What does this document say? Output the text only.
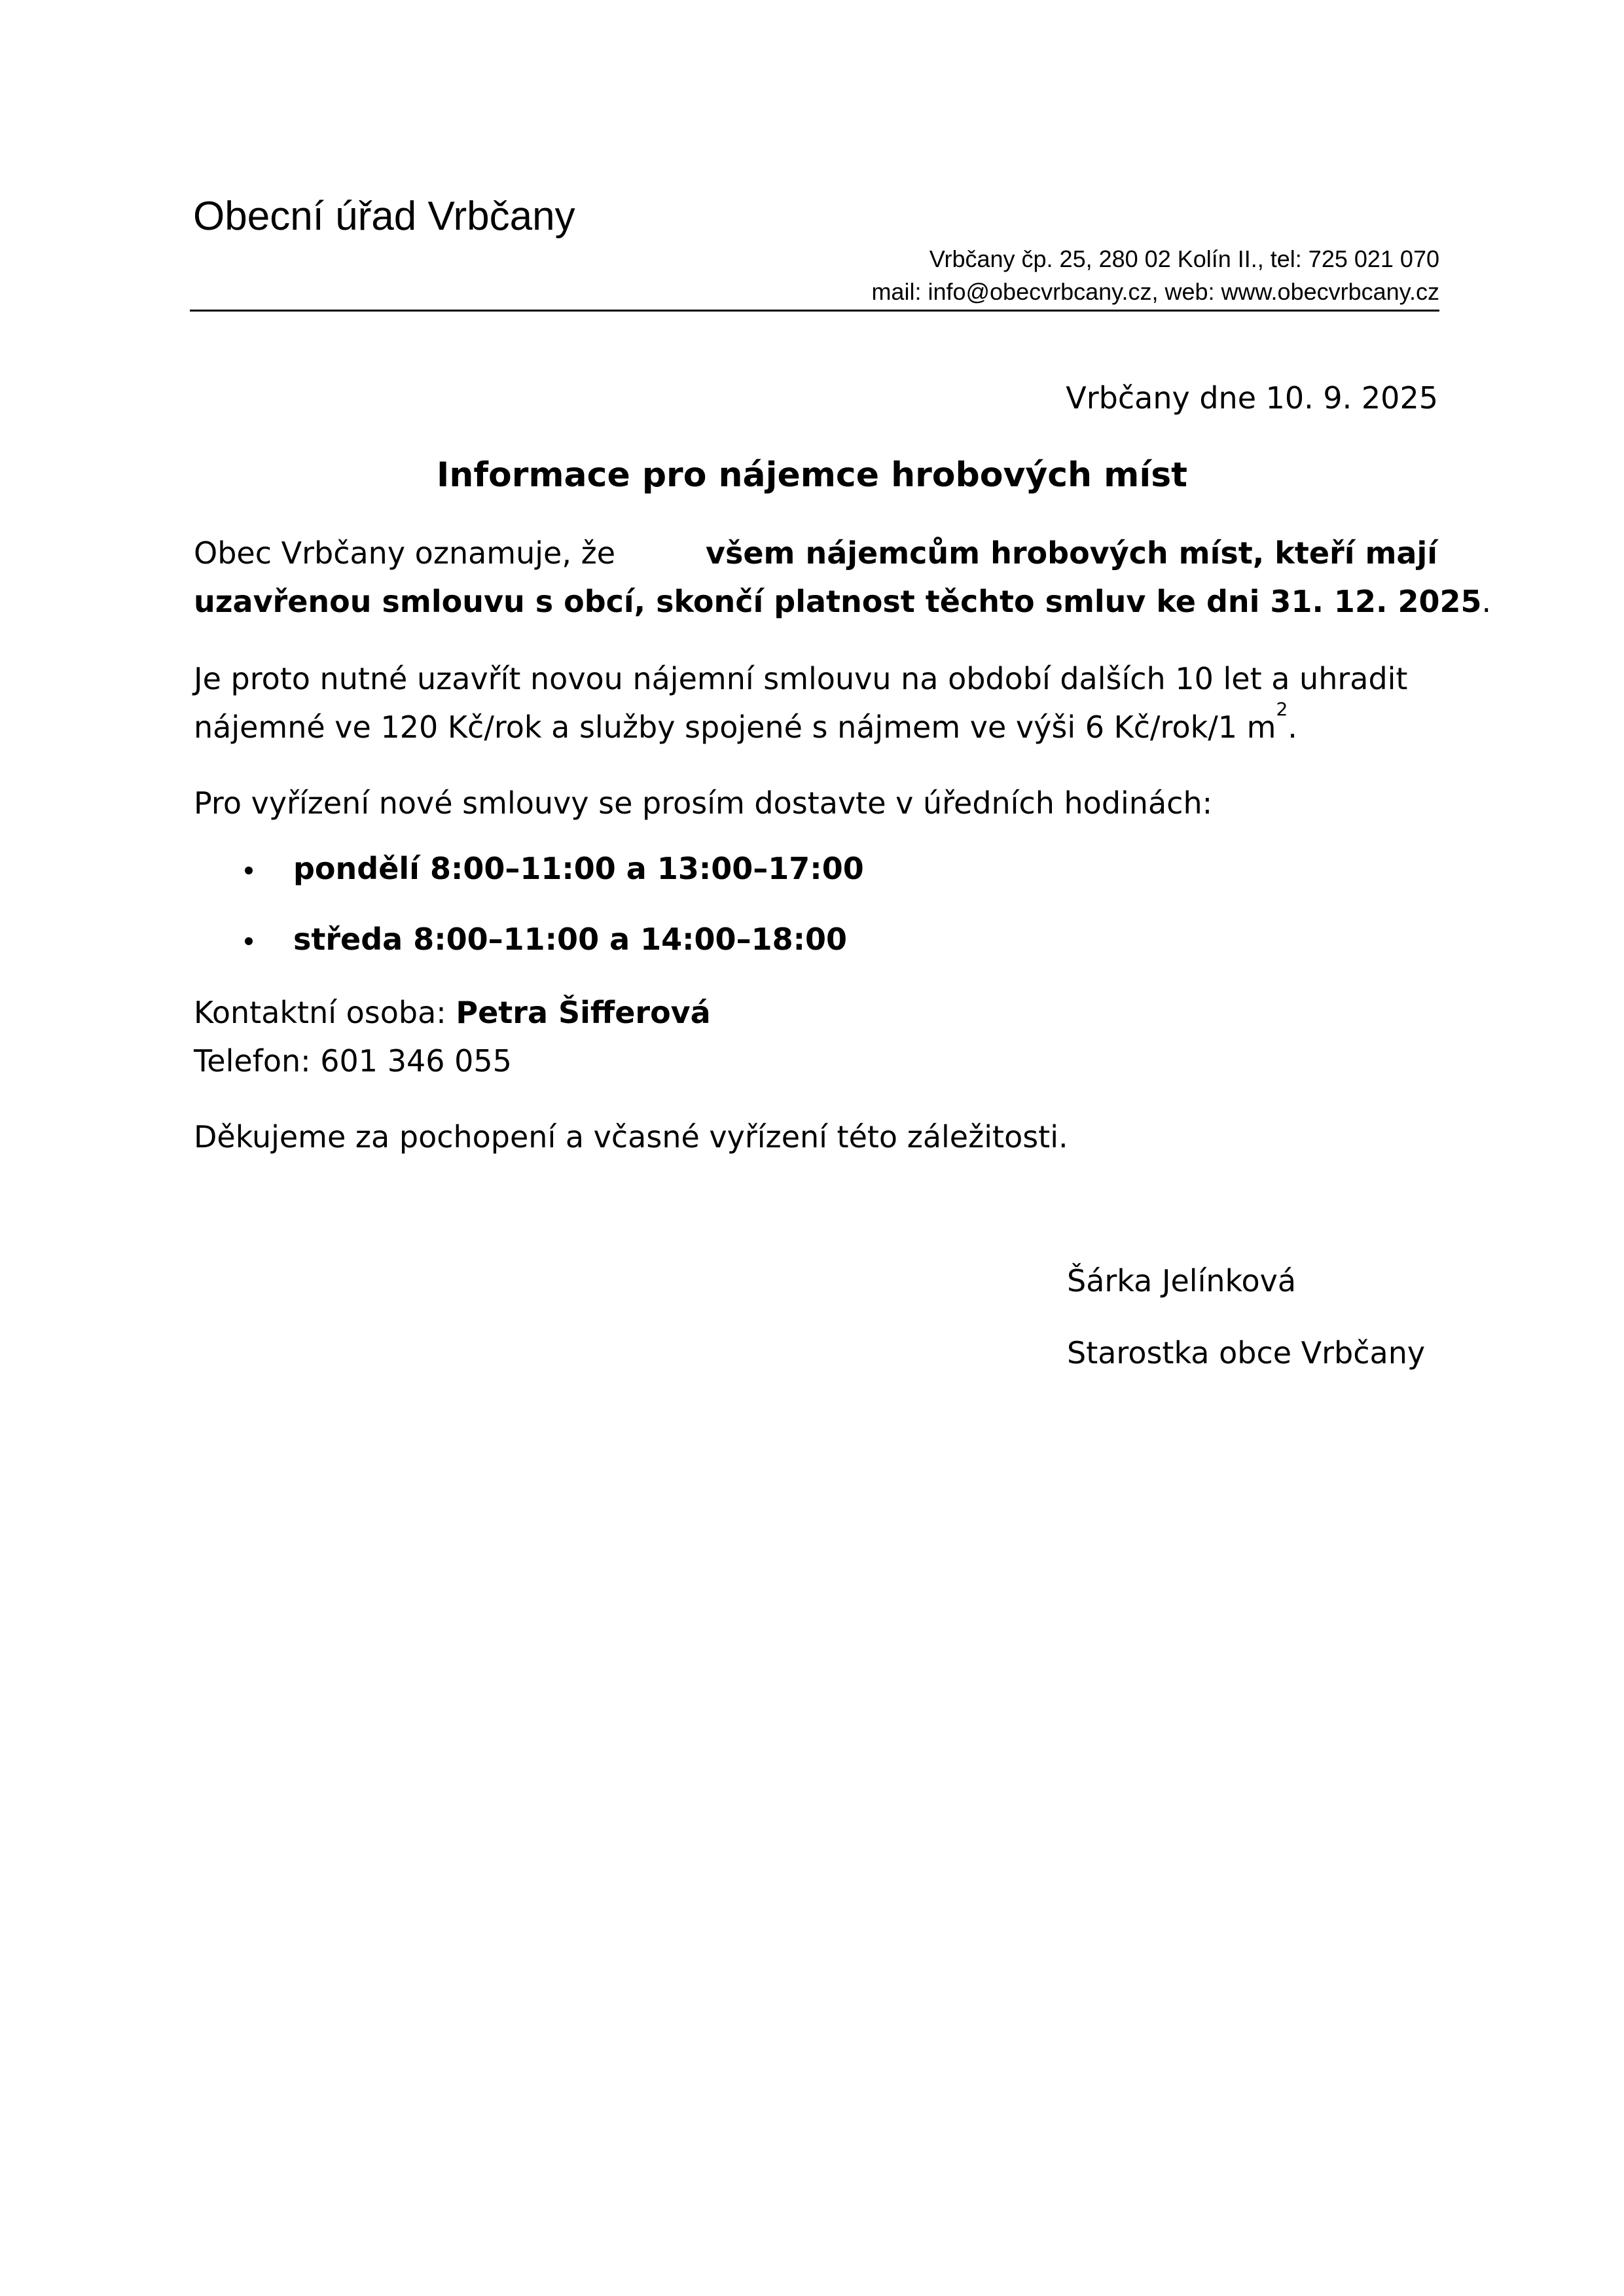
Obecní úřad Vrbčany
Vrbčany čp. 25, 280 02 Kolín II., tel: 725 021 070
mail: info@obecvrbcany.cz, web: www.obecvrbcany.cz
Vrbčany dne 10. 9. 2025
Informace pro nájemce hrobových míst
Obec Vrbčany oznamuje, že	všem nájemcům hrobových míst, kteří mají
uzavřenou smlouvu s obcí, skončí platnost těchto smluv ke dni 31. 12. 2025.
Je proto nutné uzavřít novou nájemní smlouvu na období dalších 10 let a uhradit
nájemné ve 120 Kč/rok a služby spojené s nájmem ve výši 6 Kč/rok/1 $m^2$.
Pro vyřízení nové smlouvy se prosím dostavte v úředních hodinách:
pondělí 8:00–11:00 a 13:00–17:00
středa 8:00–11:00 a 14:00–18:00
Kontaktní osoba: Petra Šifferová
Telefon: 601 346 055
Děkujeme za pochopení a včasné vyřízení této záležitosti.
Šárka Jelínková
Starostka obce Vrbčany
